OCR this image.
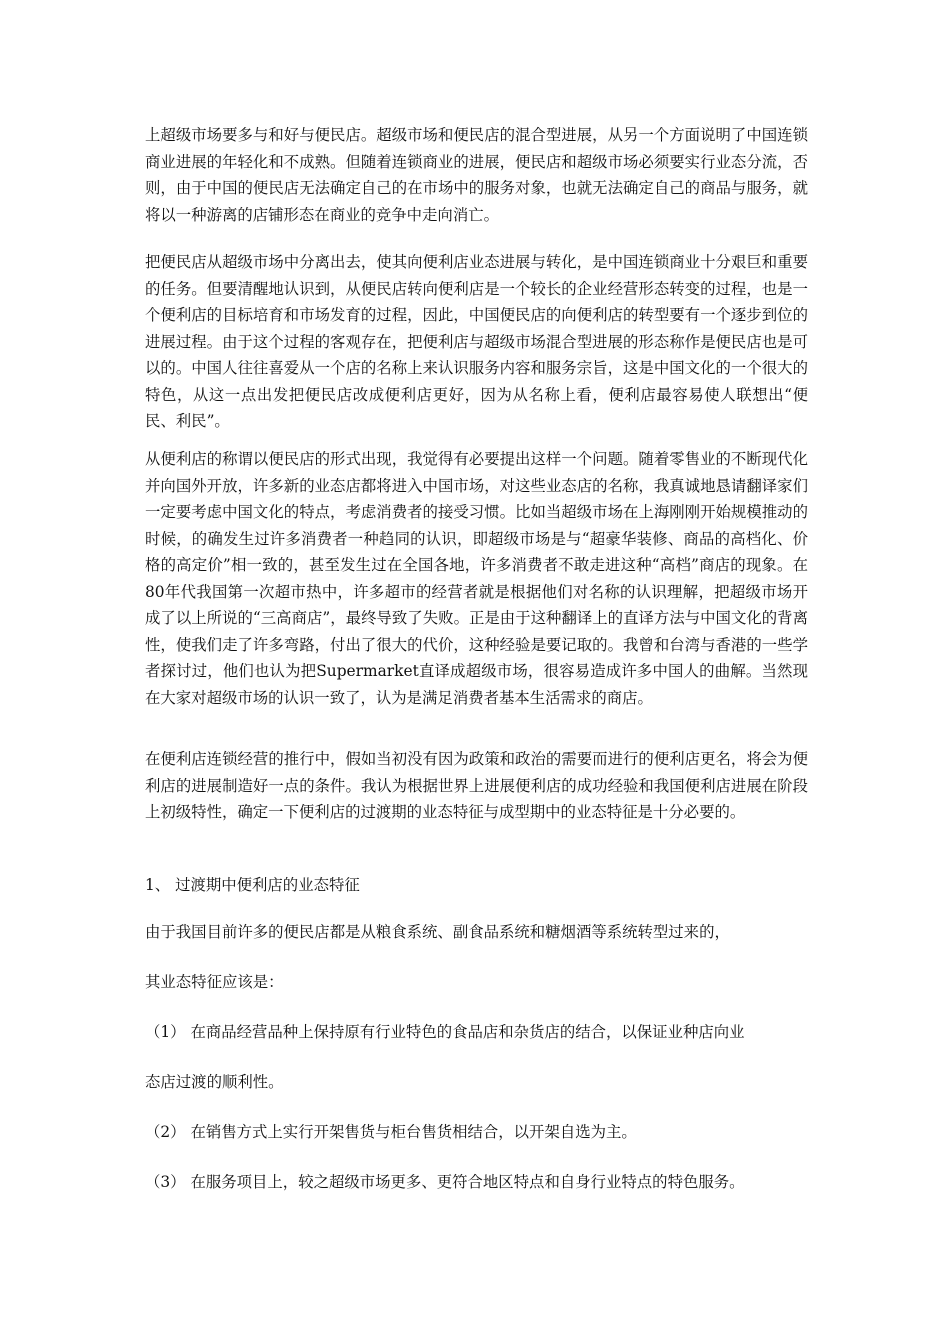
上超级市场要多与和好与便民店。超级市场和便民店的混合型进展，从另一个方面说明了中国连锁商业进展的年轻化和不成熟。但随着连锁商业的进展，便民店和超级市场必须要实行业态分流，否则，由于中国的便民店无法确定自己的在市场中的服务对象，也就无法确定自己的商品与服务，就将以一种游离的店铺形态在商业的竞争中走向消亡。

把便民店从超级市场中分离出去，使其向便利店业态进展与转化，是中国连锁商业十分艰巨和重要的任务。但要清醒地认识到，从便民店转向便利店是一个较长的企业经营形态转变的过程，也是一个便利店的目标培育和市场发育的过程，因此，中国便民店的向便利店的转型要有一个逐步到位的进展过程。由于这个过程的客观存在，把便利店与超级市场混合型进展的形态称作是便民店也是可以的。中国人往往喜爱从一个店的名称上来认识服务内容和服务宗旨，这是中国文化的一个很大的特色，从这一点出发把便民店改成便利店更好，因为从名称上看，便利店最容易使人联想出“便民、利民”。

从便利店的称谓以便民店的形式出现，我觉得有必要提出这样一个问题。随着零售业的不断现代化并向国外开放，许多新的业态店都将进入中国市场，对这些业态店的名称，我真诚地恳请翻译家们一定要考虑中国文化的特点，考虑消费者的接受习惯。比如当超级市场在上海刚刚开始规模推动的时候，的确发生过许多消费者一种趋同的认识，即超级市场是与“超豪华装修、商品的高档化、价格的高定价”相一致的，甚至发生过在全国各地，许多消费者不敢走进这种“高档”商店的现象。在80年代我国第一次超市热中，许多超市的经营者就是根据他们对名称的认识理解，把超级市场开成了以上所说的“三高商店”，最终导致了失败。正是由于这种翻译上的直译方法与中国文化的背离性，使我们走了许多弯路，付出了很大的代价，这种经验是要记取的。我曾和台湾与香港的一些学者探讨过，他们也认为把Supermarket直译成超级市场，很容易造成许多中国人的曲解。当然现在大家对超级市场的认识一致了，认为是满足消费者基本生活需求的商店。

在便利店连锁经营的推行中，假如当初没有因为政策和政治的需要而进行的便利店更名，将会为便利店的进展制造好一点的条件。我认为根据世界上进展便利店的成功经验和我国便利店进展在阶段上初级特性，确定一下便利店的过渡期的业态特征与成型期中的业态特征是十分必要的。

1、 过渡期中便利店的业态特征
由于我国目前许多的便民店都是从粮食系统、副食品系统和糖烟酒等系统转型过来的，
其业态特征应该是：
（1） 在商品经营品种上保持原有行业特色的食品店和杂货店的结合，以保证业种店向业
态店过渡的顺利性。
（2） 在销售方式上实行开架售货与柜台售货相结合，以开架自选为主。
（3） 在服务项目上，较之超级市场更多、更符合地区特点和自身行业特点的特色服务。
